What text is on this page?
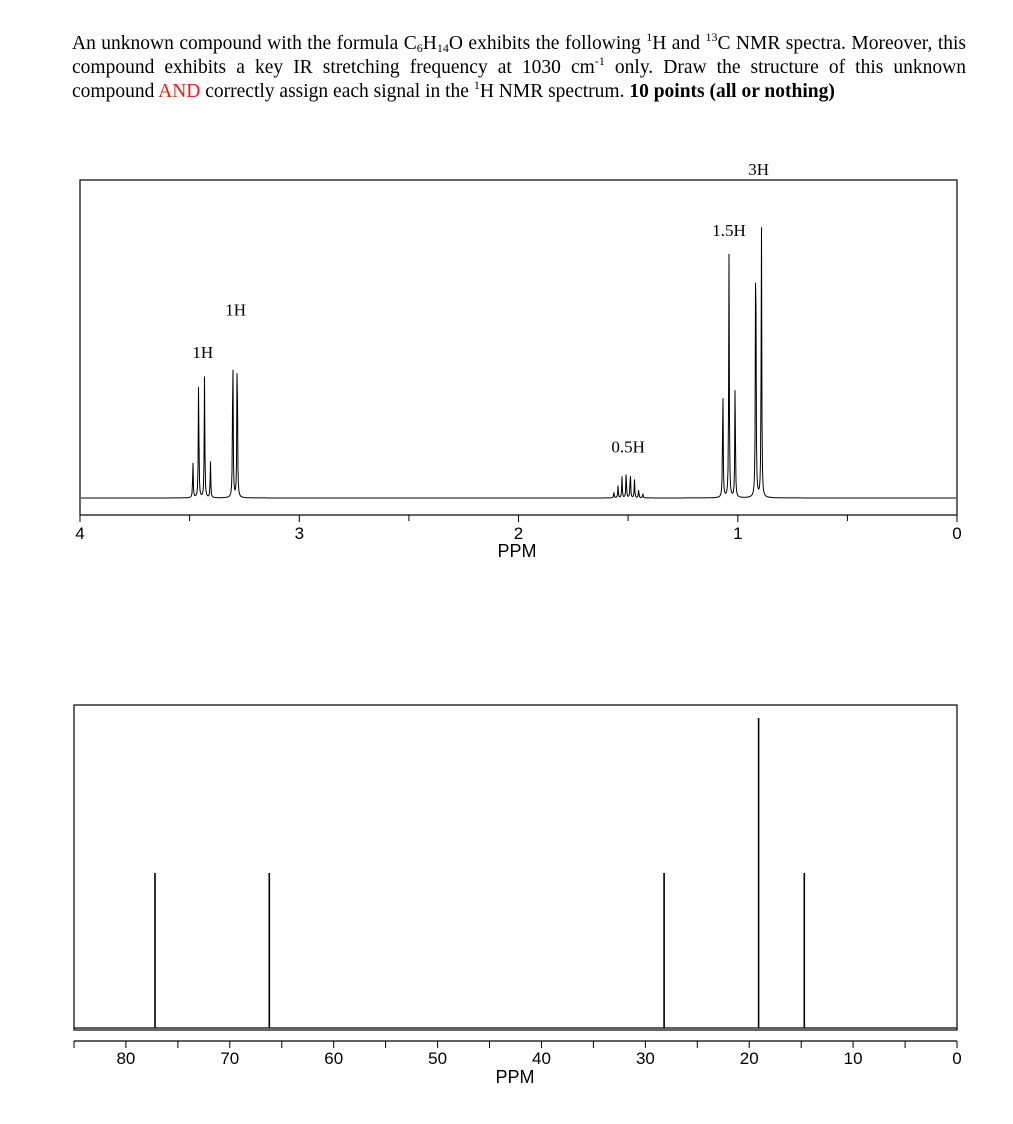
An unknown compound with the formula $C_6H_{14}O$ exhibits the following $^1$H and $^{13}$C NMR spectra. Moreover, this compound exhibits a key IR stretching frequency at 1030 $cm^{-1}$ only. Draw the structure of this unknown compound AND correctly assign each signal in the $^1$H NMR spectrum. 10 points (all or nothing)
1H
1H
0.5H
1.5H
3H
4	3	2	1	0
PPM
80	70	60	50	40	30	20	10	0
PPM
